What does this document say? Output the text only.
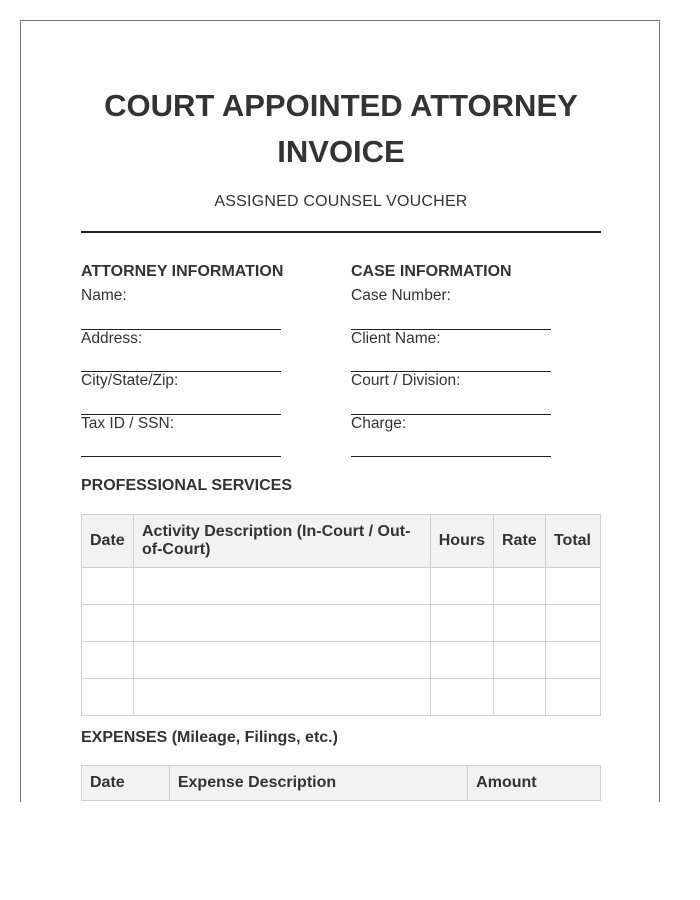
COURT APPOINTED ATTORNEY INVOICE
ASSIGNED COUNSEL VOUCHER
ATTORNEY INFORMATION
Name:
Address:
City/State/Zip:
Tax ID / SSN:
CASE INFORMATION
Case Number:
Client Name:
Court / Division:
Charge:
PROFESSIONAL SERVICES
Date	Activity Description (In-Court / Out-of-Court)	Hours	Rate	Total

EXPENSES (Mileage, Filings, etc.)
Date	Expense Description	Amount
